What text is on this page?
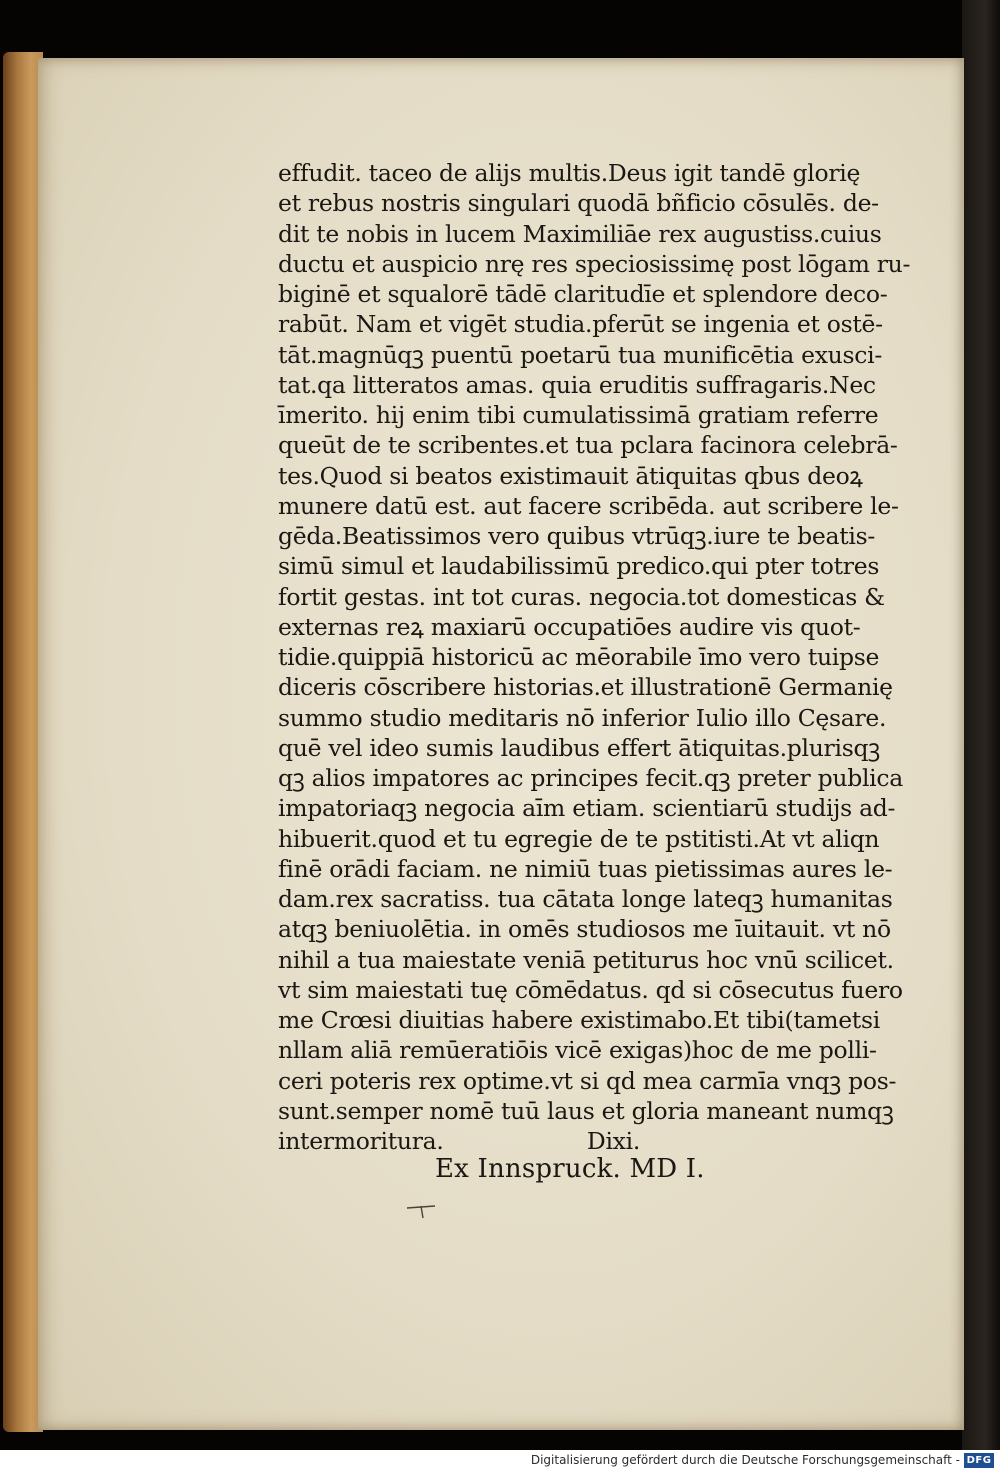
effudit. taceo de alijs multis.Deus igit tandē glorię
et rebus nostris singulari quodā bñficio cōsulēs. de-
dit te nobis in lucem Maximiliāe rex augustiss.cuius
ductu et auspicio nrę res speciosissimę post lōgam ru-
biginē et squalorē tādē claritudīe et splendore deco-
rabūt. Nam et vigēt studia.pferūt se ingenia et ostē-
tāt.magnūqꝫ puentū poetarū tua munificētia exusci-
tat.qa litteratos amas. quia eruditis suffragaris.Nec
īmerito. hij enim tibi cumulatissimā gratiam referre
queūt de te scribentes.et tua pclara facinora celebrā-
tes.Quod si beatos existimauit ātiquitas qbus deoꝝ
munere datū est. aut facere scribēda. aut scribere le-
gēda.Beatissimos vero quibus vtrūqꝫ.iure te beatis-
simū simul et laudabilissimū predico.qui pter totres
fortit gestas. int tot curas. negocia.tot domesticas &
externas reꝝ maxiarū occupatiōes audire vis quot-
tidie.quippiā historicū ac mēorabile īmo vero tuipse
diceris cōscribere historias.et illustrationē Germanię
summo studio meditaris nō inferior Iulio illo Cęsare.
quē vel ideo sumis laudibus effert ātiquitas.plurisqꝫ
qꝫ alios impatores ac principes fecit.qꝫ preter publica
impatoriaqꝫ negocia aīm etiam. scientiarū studijs ad-
hibuerit.quod et tu egregie de te pstitisti.At vt aliqn
finē orādi faciam. ne nimiū tuas pietissimas aures le-
dam.rex sacratiss. tua cātata longe lateqꝫ humanitas
atqꝫ beniuolētia. in omēs studiosos me īuitauit. vt nō
nihil a tua maiestate veniā petiturus hoc vnū scilicet.
vt sim maiestati tuę cōmēdatus. qd si cōsecutus fuero
me Crœsi diuitias habere existimabo.Et tibi(tametsi
nllam aliā remūeratiōis vicē exigas)hoc de me polli-
ceri poteris rex optime.vt si qd mea carmīa vnqꝫ pos-
sunt.semper nomē tuū laus et gloria maneant numqꝫ
intermoritura.                    Dixi.
Ex Innspruck. MD I.
Digitalisierung gefördert durch die Deutsche Forschungsgemeinschaft - DFG
